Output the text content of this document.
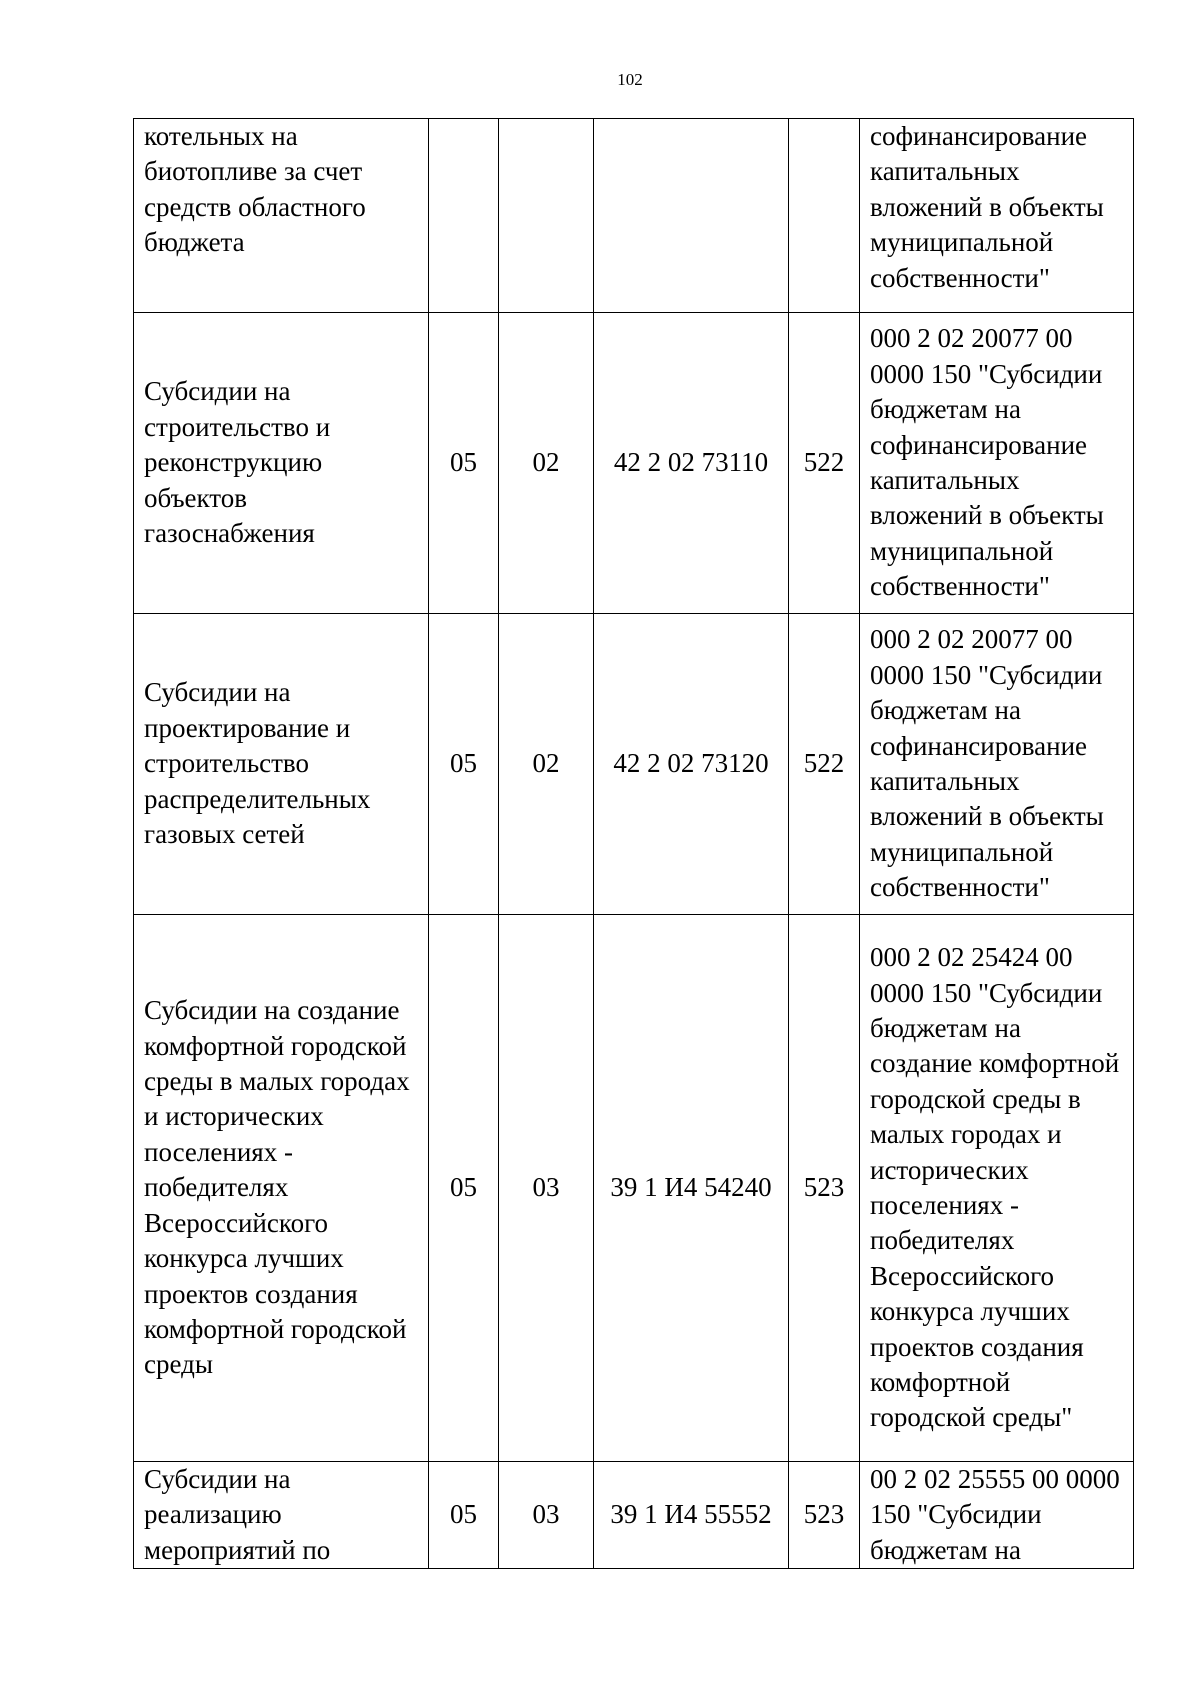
102
котельных на биотопливе за счет средств областного бюджета					софинансирование капитальных вложений в объекты муниципальной собственности"
Субсидии на строительство и реконструкцию объектов газоснабжения	05	02	42 2 02 73110	522	000 2 02 20077 00 0000 150 "Субсидии бюджетам на софинансирование капитальных вложений в объекты муниципальной собственности"
Субсидии на проектирование и строительство распределительных газовых сетей	05	02	42 2 02 73120	522	000 2 02 20077 00 0000 150 "Субсидии бюджетам на софинансирование капитальных вложений в объекты муниципальной собственности"
Субсидии на создание комфортной городской среды в малых городах и исторических поселениях - победителях Всероссийского конкурса лучших проектов создания комфортной городской среды	05	03	39 1 И4 54240	523	000 2 02 25424 00 0000 150 "Субсидии бюджетам на создание комфортной городской среды в малых городах и исторических поселениях - победителях Всероссийского конкурса лучших проектов создания комфортной городской среды"
Субсидии на реализацию мероприятий по	05	03	39 1 И4 55552	523	00 2 02 25555 00 0000 150 "Субсидии бюджетам на
